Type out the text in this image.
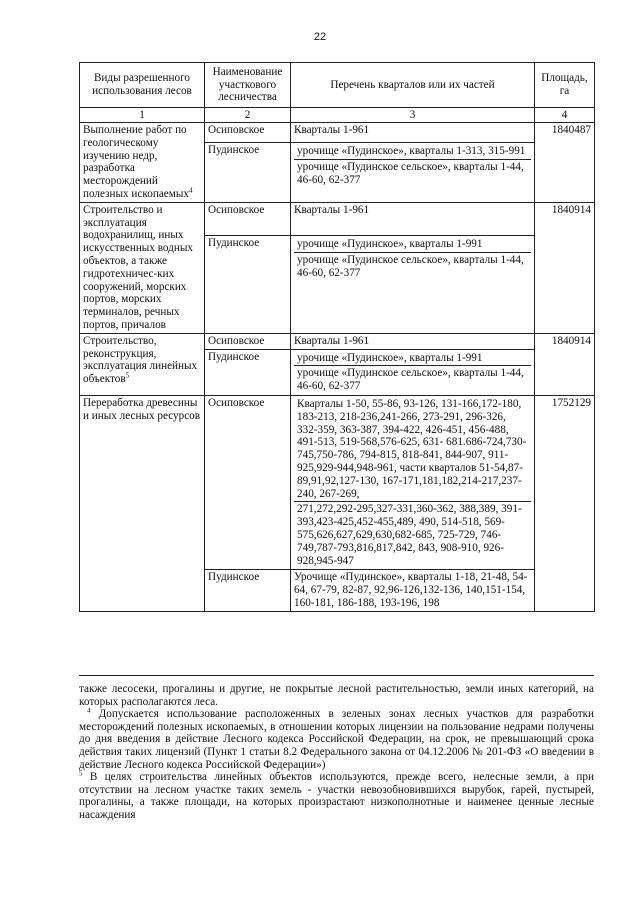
22
Виды разрешенного использования лесов	Наименование участкового лесничества	Перечень кварталов или их частей	Площадь, га
1	2	3	4
Выполнение работ по геологическому изучению недр, разработка месторождений полезных ископаемых$^4$	Осиповское	Кварталы 1-961	1840487
	Пудинское	урочище «Пудинское», кварталы 1-313, 315-991
урочище «Пудинское сельское», кварталы 1-44, 46-60, 62-377	

Строительство и эксплуатация водохранилищ, иных искусственных водных объектов, а также гидротехничес-ких сооружений, морских портов, морских терминалов, речных портов, причалов	Осиповское	Кварталы 1-961	1840914
	Пудинское	урочище «Пудинское», кварталы 1-991
урочище «Пудинское сельское», кварталы 1-44, 46-60, 62-377	

Строительство, реконструкция, эксплуатация линейных объектов$^5$	Осиповское	Кварталы 1-961	1840914
	Пудинское	урочище «Пудинское», кварталы 1-991
урочище «Пудинское сельское», кварталы 1-44, 46-60, 62-377	

Переработка древесины и иных лесных ресурсов	Осиповское	Кварталы 1-50, 55-86, 93-126, 131-166,172-180, 183-213, 218-236,241-266, 273-291, 296-326, 332-359, 363-387, 394-422, 426-451, 456-488, 491-513, 519-568,576-625, 631- 681.686-724,730-745,750-786, 794-815, 818-841, 844-907, 911-925,929-944,948-961, части кварталов 51-54,87-89,91,92,127-130, 167-171,181,182,214-217,237-240, 267-269,
271,272,292-295,327-331,360-362, 388,389, 391-393,423-425,452-455,489, 490, 514-518, 569-575,626,627,629,630,682-685, 725-729, 746-749,787-793,816,817,842, 843, 908-910, 926-928,945-947	1752129
	Пудинское	Урочище «Пудинское», кварталы 1-18, 21-48, 54-64, 67-79, 82-87, 92,96-126,132-136, 140,151-154, 160-181, 186-188, 193-196, 198	

также лесосеки, прогалины и другие, не покрытые лесной растительностью, земли иных категорий, на которых располагаются леса.

$^4$ Допускается использование расположенных в зеленых зонах лесных участков для разработки месторождений полезных ископаемых, в отношении которых лицензии на пользование недрами получены до дня введения в действие Лесного кодекса Российской Федерации, на срок, не превышающий срока действия таких лицензий (Пункт 1 статьи 8.2 Федерального закона от 04.12.2006 № 201-ФЗ «О введении в действие Лесного кодекса Российской Федерации»)

$^5$ В целях строительства линейных объектов используются, прежде всего, нелесные земли, а при отсутствии на лесном участке таких земель - участки невозобновившихся вырубок, гарей, пустырей, прогалины, а также площади, на которых произрастают низкополнотные и наименее ценные лесные насаждения
